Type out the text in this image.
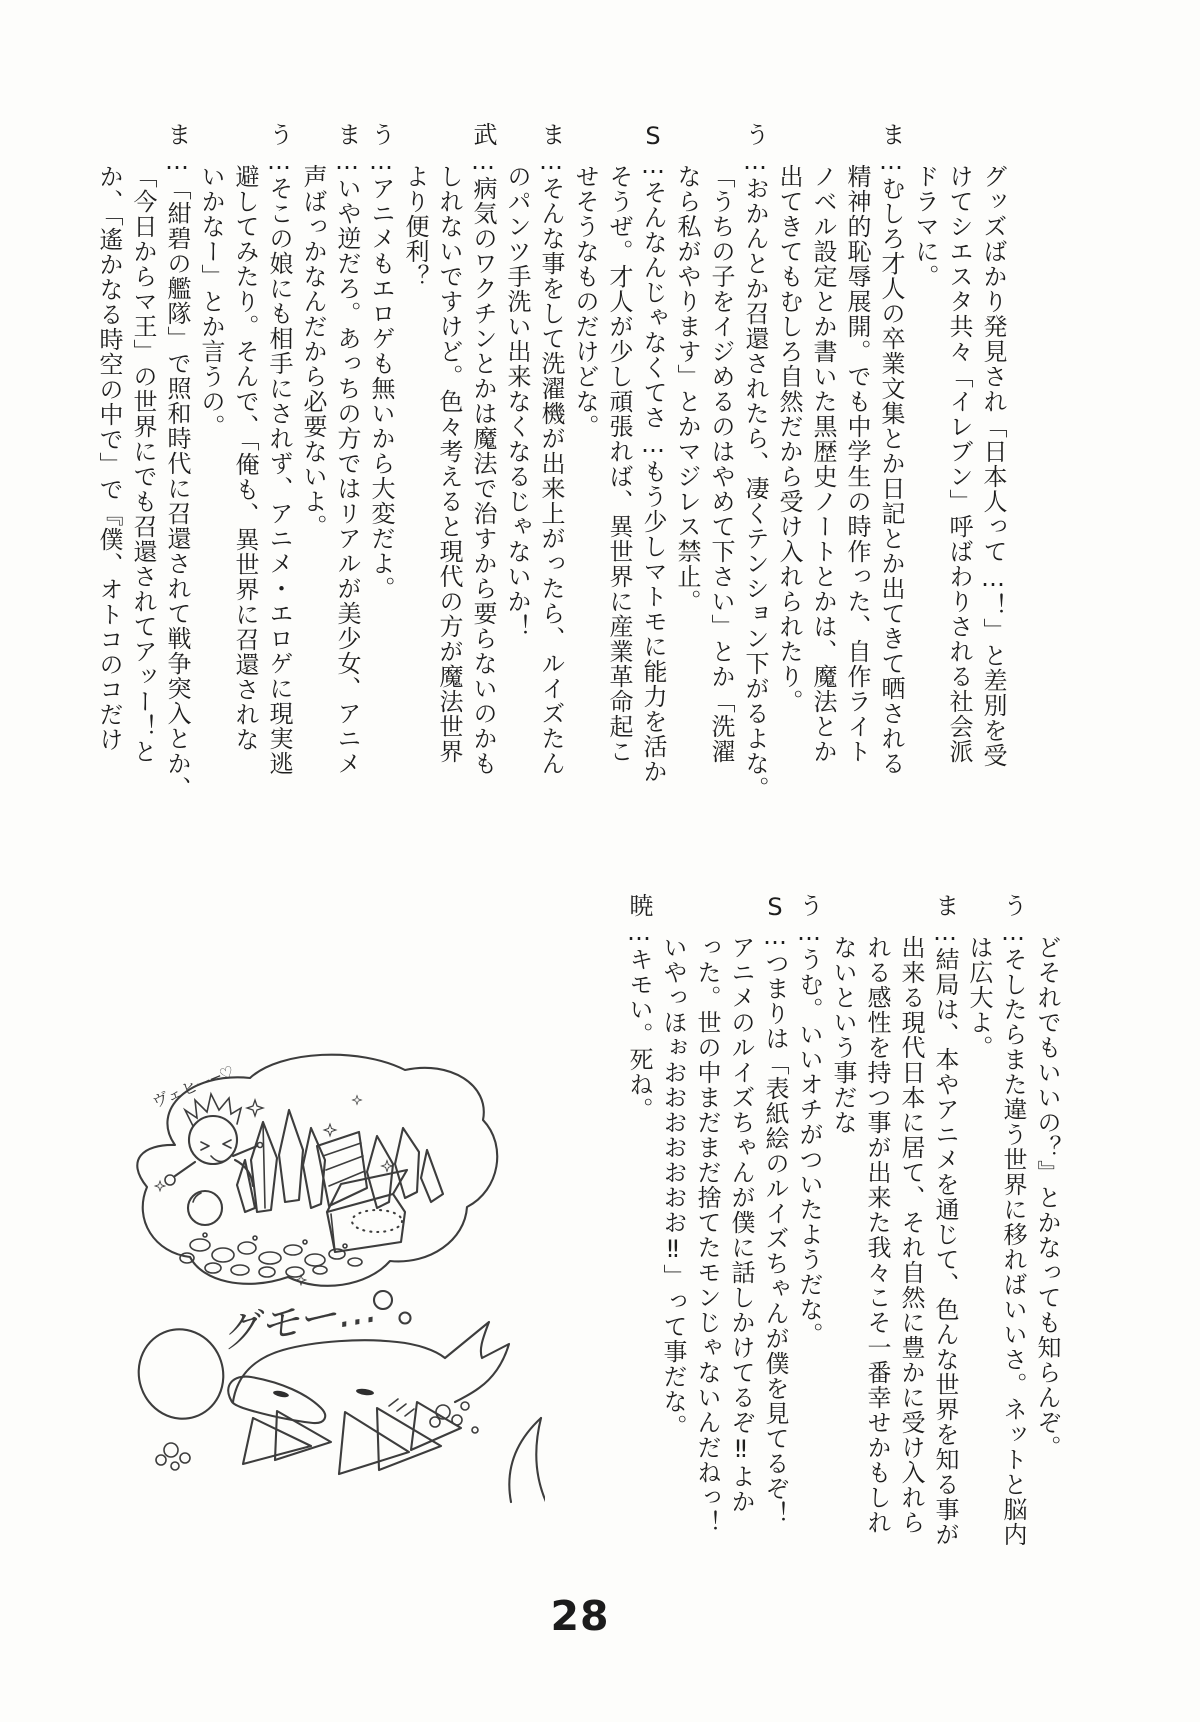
グッズばかり発見され「日本人って…！」と差別を受
けてシエスタ共々「イレブン」呼ばわりされる社会派
ドラマに。
ま…むしろ才人の卒業文集とか日記とか出てきて晒される
精神的恥辱展開。でも中学生の時作った、自作ライト
ノベル設定とか書いた黒歴史ノートとかは、魔法とか
出てきてもむしろ自然だから受け入れられたり。
う…おかんとか召還されたら、凄くテンション下がるよな。
「うちの子をイジめるのはやめて下さい」とか「洗濯
なら私がやります」とかマジレス禁止。
S…そんなんじゃなくてさ…もう少しマトモに能力を活か
そうぜ。才人が少し頑張れば、異世界に産業革命起こ
せそうなものだけどな。
ま…そんな事をして洗濯機が出来上がったら、ルイズたん
のパンツ手洗い出来なくなるじゃないか！
武…病気のワクチンとかは魔法で治すから要らないのかも
しれないですけど。色々考えると現代の方が魔法世界
より便利？
う…アニメもエロゲも無いから大変だよ。
ま…いや逆だろ。あっちの方ではリアルが美少女、アニメ
声ばっかなんだから必要ないよ。
う…そこの娘にも相手にされず、アニメ・エロゲに現実逃
避してみたり。そんで、「俺も、異世界に召還されな
いかなー」とか言うの。
ま…「紺碧の艦隊」で照和時代に召還されて戦争突入とか、
「今日からマ王」の世界にでも召還されてアッー！と
か、「遙かなる時空の中で」で『僕、オトコのコだけ
どそれでもいいの？』とかなっても知らんぞ。
う…そしたらまた違う世界に移ればいいさ。ネットと脳内
は広大よ。
ま…結局は、本やアニメを通じて、色んな世界を知る事が
出来る現代日本に居て、それ自然に豊かに受け入れら
れる感性を持つ事が出来た我々こそ一番幸せかもしれ
ないという事だな
う…うむ。いいオチがついたようだな。
S…つまりは「表紙絵のルイズちゃんが僕を見てるぞ！
アニメのルイズちゃんが僕に話しかけてるぞ‼よか
った。世の中まだまだ捨てたモンじゃないんだねっ！
いやっほぉおおおおおおお‼」って事だな。
暁…キモい。死ね。
ヴェヒー─♡
グモー…
28
